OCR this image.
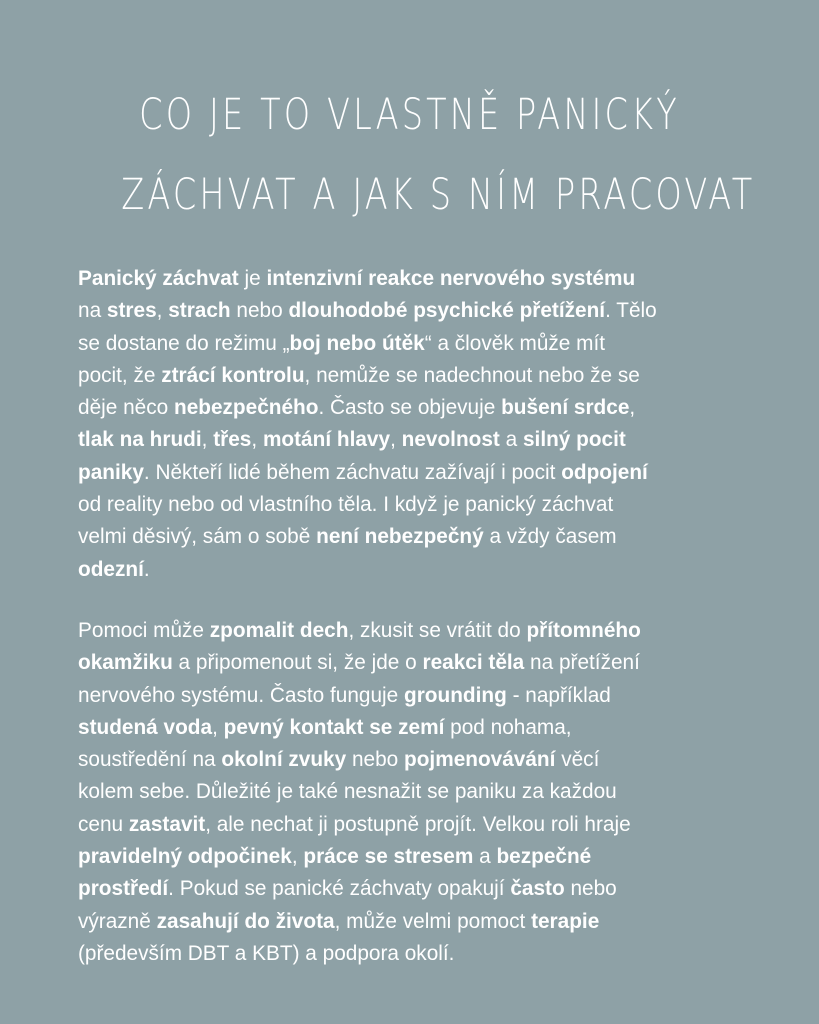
CO JE TO VLASTNĚ PANICKÝ
ZÁCHVAT A JAK S NÍM PRACOVAT

Panický záchvat je intenzivní reakce nervového systému
na stres, strach nebo dlouhodobé psychické přetížení. Tělo
se dostane do režimu „boj nebo útěk“ a člověk může mít
pocit, že ztrácí kontrolu, nemůže se nadechnout nebo že se
děje něco nebezpečného. Často se objevuje bušení srdce,
tlak na hrudi, třes, motání hlavy, nevolnost a silný pocit
paniky. Někteří lidé během záchvatu zažívají i pocit odpojení
od reality nebo od vlastního těla. I když je panický záchvat
velmi děsivý, sám o sobě není nebezpečný a vždy časem
odezní.

Pomoci může zpomalit dech, zkusit se vrátit do přítomného
okamžiku a připomenout si, že jde o reakci těla na přetížení
nervového systému. Často funguje grounding - například
studená voda, pevný kontakt se zemí pod nohama,
soustředění na okolní zvuky nebo pojmenovávání věcí
kolem sebe. Důležité je také nesnažit se paniku za každou
cenu zastavit, ale nechat ji postupně projít. Velkou roli hraje
pravidelný odpočinek, práce se stresem a bezpečné
prostředí. Pokud se panické záchvaty opakují často nebo
výrazně zasahují do života, může velmi pomoct terapie
(především DBT a KBT) a podpora okolí.
